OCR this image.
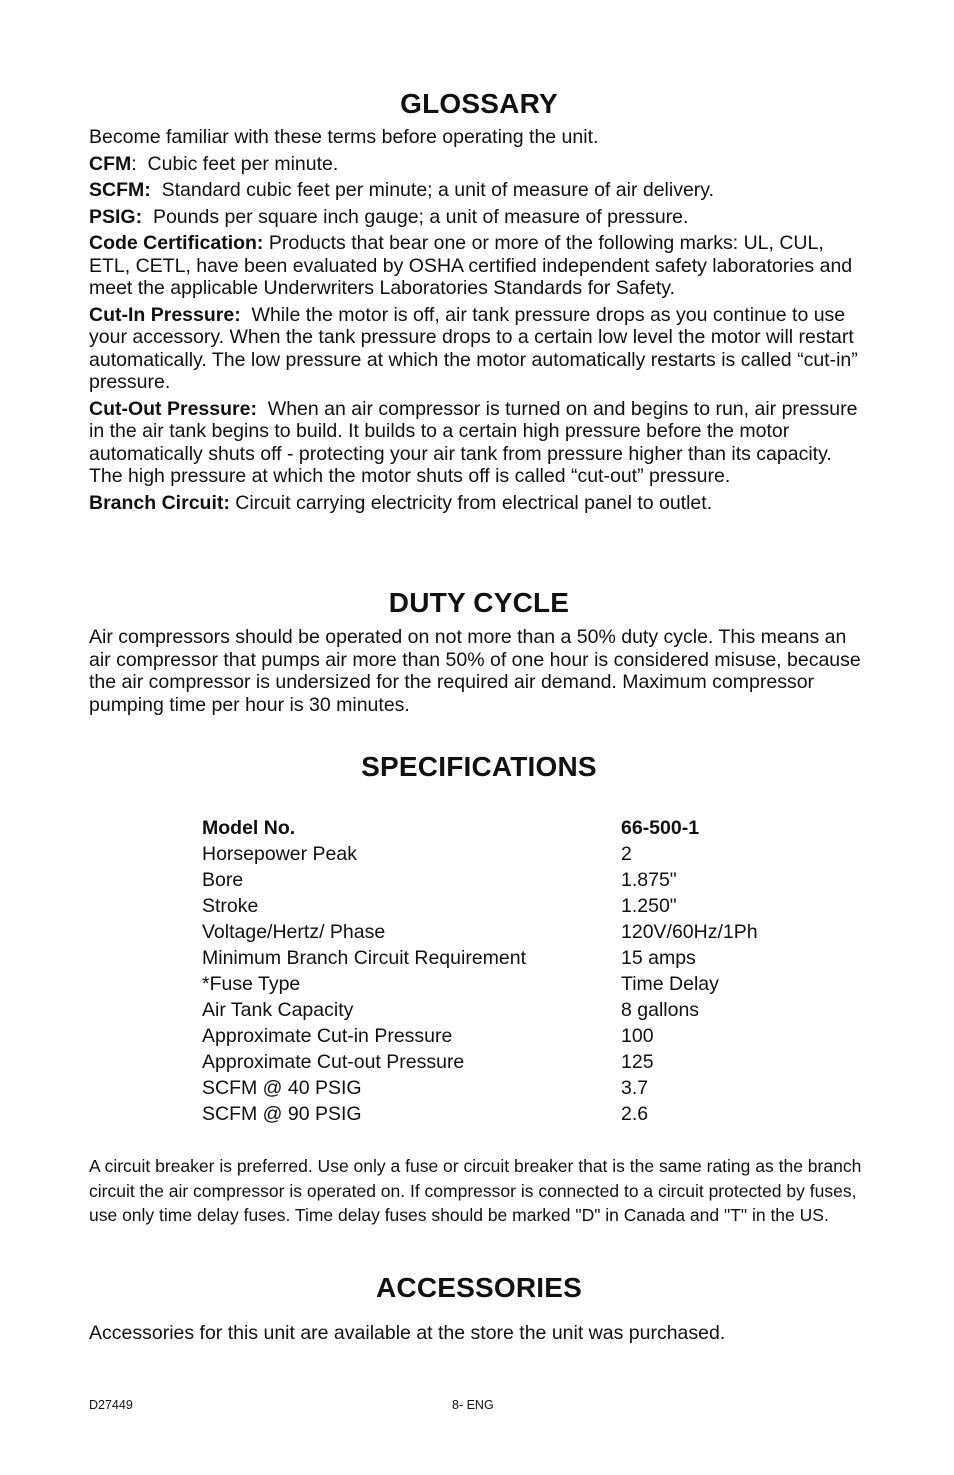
GLOSSARY

Become familiar with these terms before operating the unit.

CFM:  Cubic feet per minute.

SCFM: Standard cubic feet per minute; a unit of measure of air delivery.

PSIG: Pounds per square inch gauge; a unit of measure of pressure.

Code Certification: Products that bear one or more of the following marks: UL, CUL, ETL, CETL, have been evaluated by OSHA certified independent safety laboratories and meet the applicable Underwriters Laboratories Standards for Safety.

Cut-In Pressure: While the motor is off, air tank pressure drops as you continue to use your accessory. When the tank pressure drops to a certain low level the motor will restart automatically. The low pressure at which the motor automatically restarts is called “cut-in” pressure.

Cut-Out Pressure: When an air compressor is turned on and begins to run, air pressure in the air tank begins to build. It builds to a certain high pressure before the motor automatically shuts off - protecting your air tank from pressure higher than its capacity. The high pressure at which the motor shuts off is called “cut-out” pressure.

Branch Circuit: Circuit carrying electricity from electrical panel to outlet.

DUTY CYCLE

Air compressors should be operated on not more than a 50% duty cycle. This means an air compressor that pumps air more than 50% of one hour is considered misuse, because the air compressor is undersized for the required air demand. Maximum compressor pumping time per hour is 30 minutes.

SPECIFICATIONS
Model No.	66-500-1
Horsepower Peak	2
Bore	1.875"
Stroke	1.250"
Voltage/Hertz/ Phase	120V/60Hz/1Ph
Minimum Branch Circuit Requirement	15 amps
*Fuse Type	Time Delay
Air Tank Capacity	8 gallons
Approximate Cut-in Pressure	100
Approximate Cut-out Pressure	125
SCFM @ 40 PSIG	3.7
SCFM @ 90 PSIG	2.6

A circuit breaker is preferred. Use only a fuse or circuit breaker that is the same rating as the branch circuit the air compressor is operated on. If compressor is connected to a circuit protected by fuses, use only time delay fuses. Time delay fuses should be marked "D" in Canada and "T" in the US.

ACCESSORIES

Accessories for this unit are available at the store the unit was purchased.

D27449	8- ENG
